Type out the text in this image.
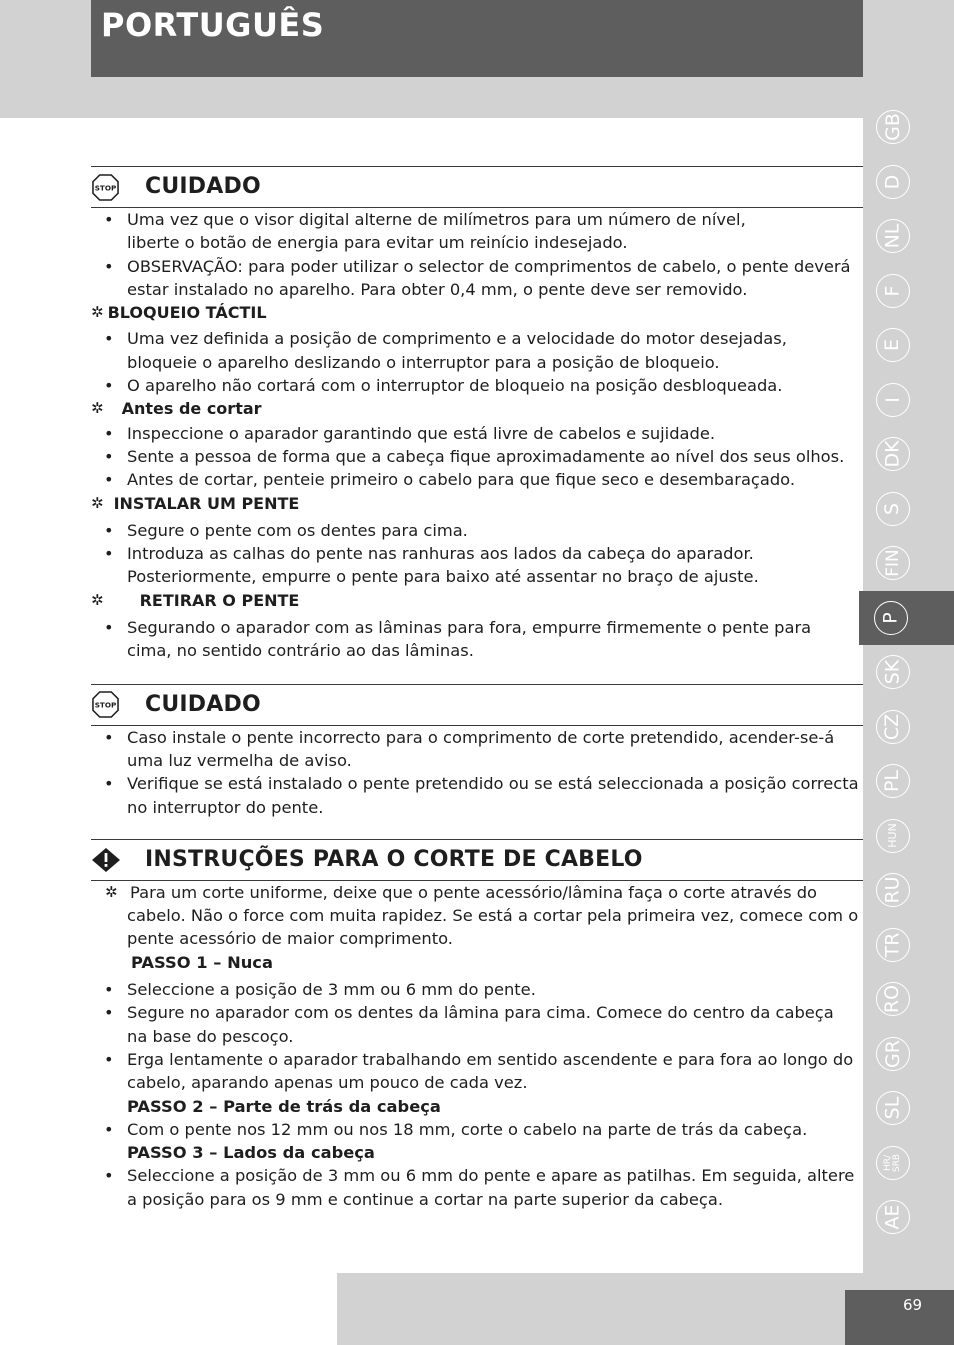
PORTUGUÊS
STOP CUIDADO
• Uma vez que o visor digital alterne de milímetros para um número de nível,
liberte o botão de energia para evitar um reinício indesejado.
• OBSERVAÇÃO: para poder utilizar o selector de comprimentos de cabelo, o pente deverá estar instalado no aparelho. Para obter 0,4 mm, o pente deve ser removido.
✲ BLOQUEIO TÁCTIL
• Uma vez definida a posição de comprimento e a velocidade do motor desejadas, bloqueie o aparelho deslizando o interruptor para a posição de bloqueio.
• O aparelho não cortará com o interruptor de bloqueio na posição desbloqueada.
✲ Antes de cortar
• Inspeccione o aparador garantindo que está livre de cabelos e sujidade.
• Sente a pessoa de forma que a cabeça fique aproximadamente ao nível dos seus olhos.
• Antes de cortar, penteie primeiro o cabelo para que fique seco e desembaraçado.
✲ INSTALAR UM PENTE
• Segure o pente com os dentes para cima.
• Introduza as calhas do pente nas ranhuras aos lados da cabeça do aparador. Posteriormente, empurre o pente para baixo até assentar no braço de ajuste.
✲ RETIRAR O PENTE
• Segurando o aparador com as lâminas para fora, empurre firmemente o pente para cima, no sentido contrário ao das lâminas.
STOP CUIDADO
• Caso instale o pente incorrecto para o comprimento de corte pretendido, acender-se-á uma luz vermelha de aviso.
• Verifique se está instalado o pente pretendido ou se está seleccionada a posição correcta no interruptor do pente.
INSTRUÇÕES PARA O CORTE DE CABELO
✲ Para um corte uniforme, deixe que o pente acessório/lâmina faça o corte através do cabelo. Não o force com muita rapidez. Se está a cortar pela primeira vez, comece com o pente acessório de maior comprimento.
PASSO 1 – Nuca
• Seleccione a posição de 3 mm ou 6 mm do pente.
• Segure no aparador com os dentes da lâmina para cima. Comece do centro da cabeça na base do pescoço.
• Erga lentamente o aparador trabalhando em sentido ascendente e para fora ao longo do cabelo, aparando apenas um pouco de cada vez.
PASSO 2 – Parte de trás da cabeça
• Com o pente nos 12 mm ou nos 18 mm, corte o cabelo na parte de trás da cabeça.
PASSO 3 – Lados da cabeça
• Seleccione a posição de 3 mm ou 6 mm do pente e apare as patilhas. Em seguida, altere a posição para os 9 mm e continue a cortar na parte superior da cabeça.
GB
D
NL
F
E
I
DK
S
FIN
P
SK
CZ
PL
HUN
RU
TR
RO
GR
SL
HR/ SRB
AE
69
